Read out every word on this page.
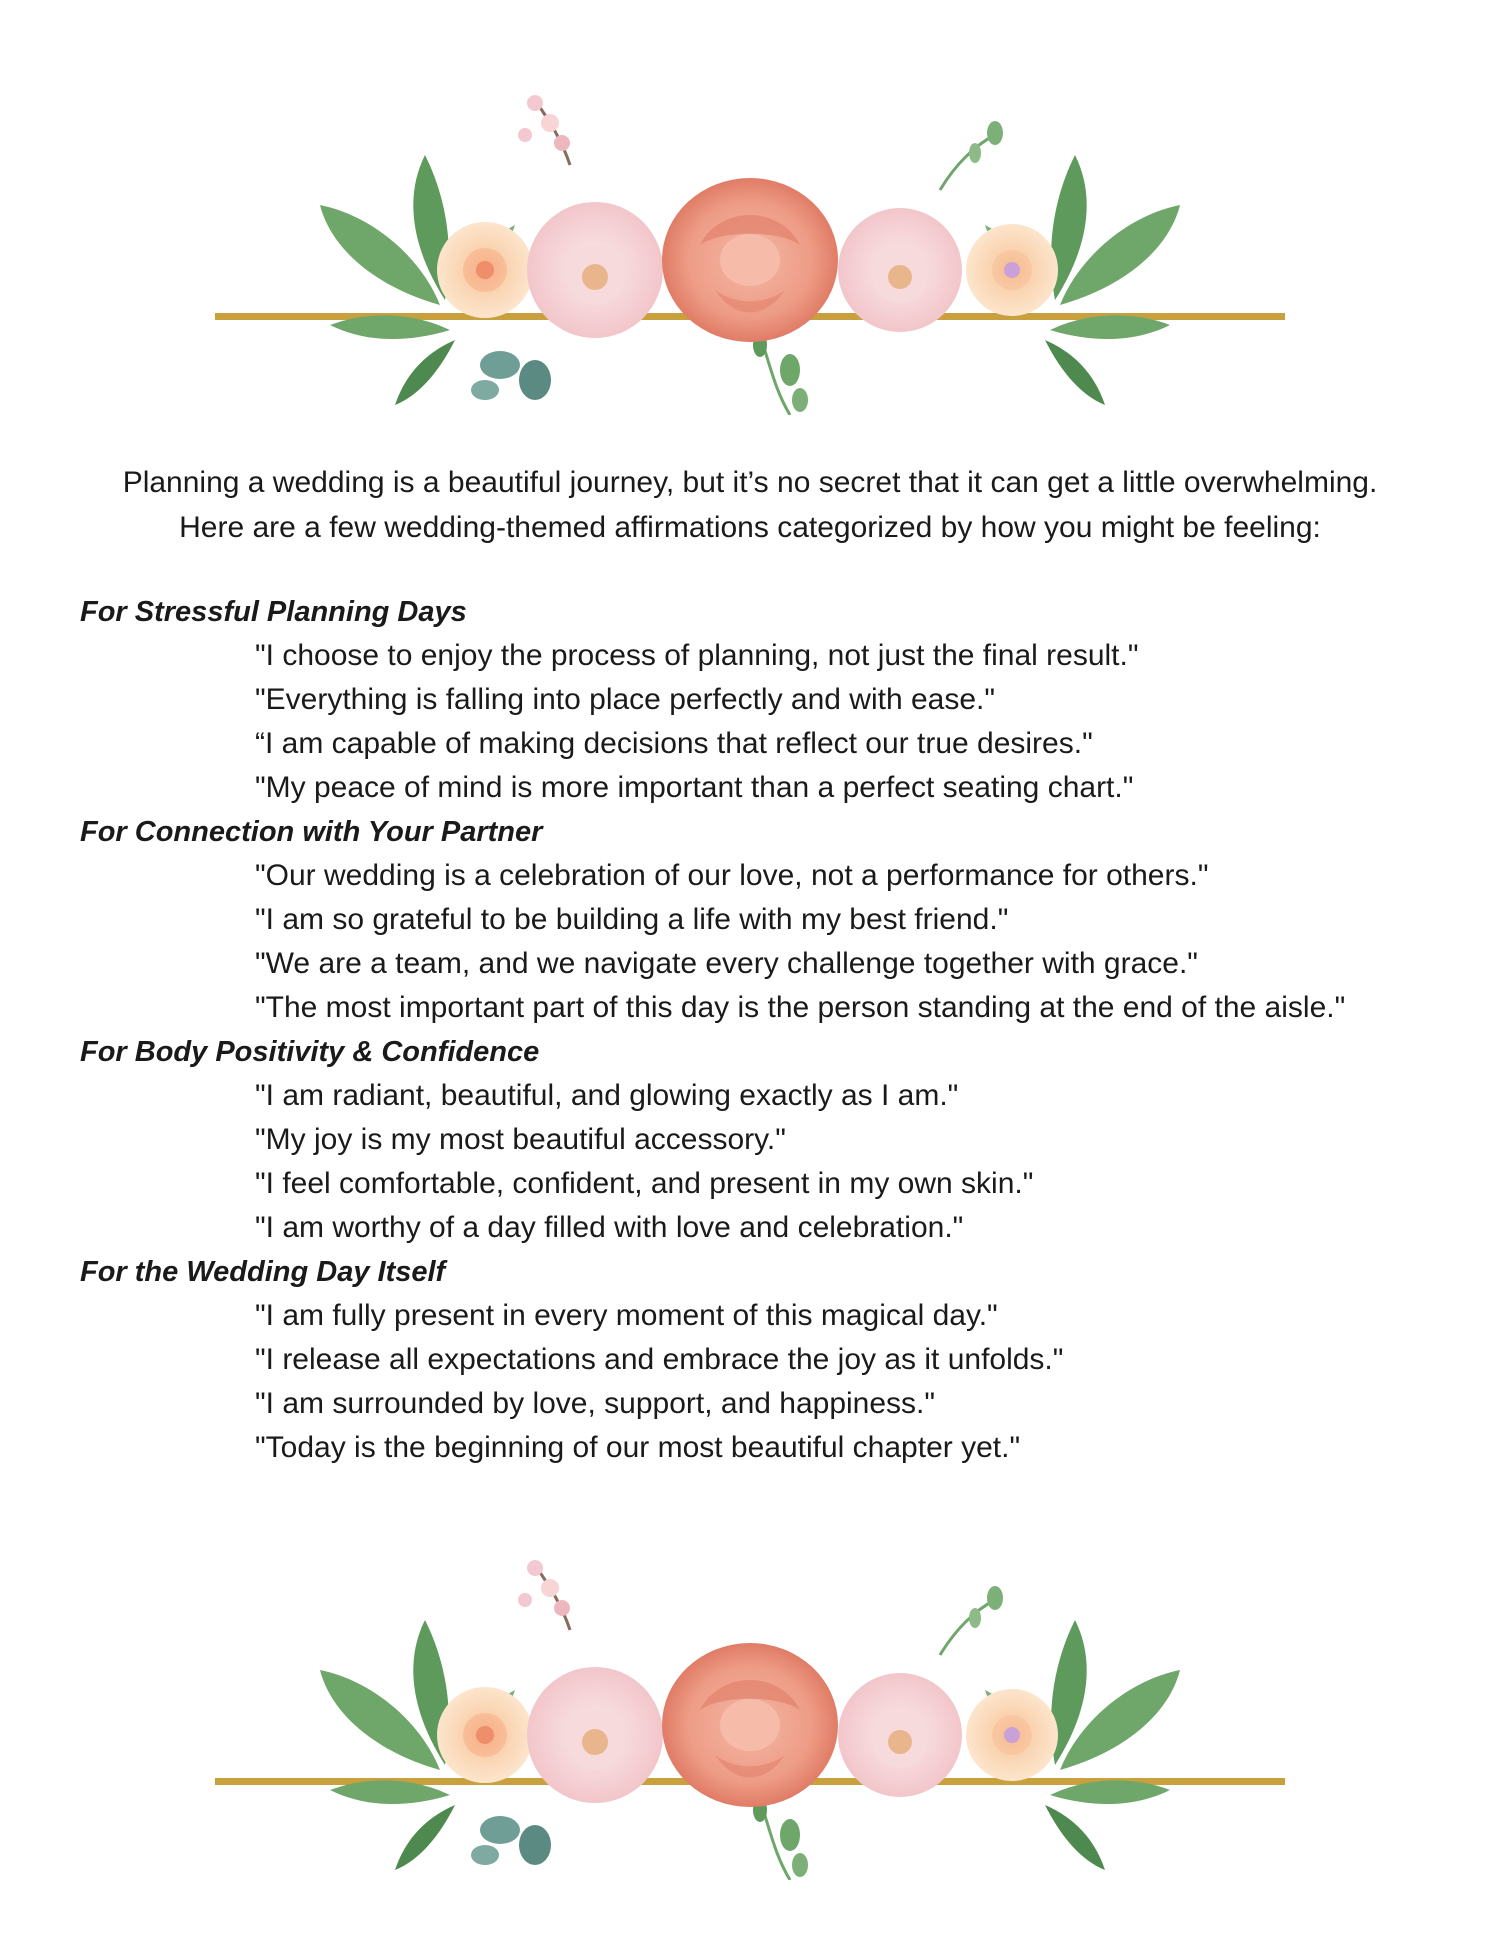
Planning a wedding is a beautiful journey, but it’s no secret that it can get a little overwhelming.

Here are a few wedding-themed affirmations categorized by how you might be feeling:

For Stressful Planning Days
"I choose to enjoy the process of planning, not just the final result."
"Everything is falling into place perfectly and with ease."
“I am capable of making decisions that reflect our true desires."
"My peace of mind is more important than a perfect seating chart."
For Connection with Your Partner
"Our wedding is a celebration of our love, not a performance for others."
"I am so grateful to be building a life with my best friend."
"We are a team, and we navigate every challenge together with grace."
"The most important part of this day is the person standing at the end of the aisle."
For Body Positivity & Confidence
"I am radiant, beautiful, and glowing exactly as I am."
"My joy is my most beautiful accessory."
"I feel comfortable, confident, and present in my own skin."
"I am worthy of a day filled with love and celebration."
For the Wedding Day Itself
"I am fully present in every moment of this magical day."
"I release all expectations and embrace the joy as it unfolds."
"I am surrounded by love, support, and happiness."
"Today is the beginning of our most beautiful chapter yet."
